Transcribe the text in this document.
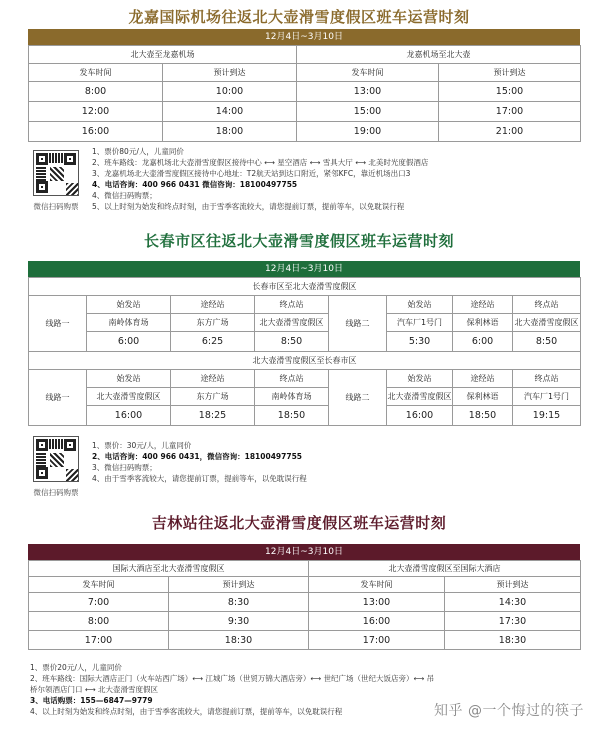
龙嘉国际机场往返北大壶滑雪度假区班车运营时刻
12月4日~3月10日
北大壶至龙嘉机场		龙嘉机场至北大壶	
发车时间	预计到达	发车时间	预计到达
8:00	10:00	13:00	15:00
12:00	14:00	15:00	17:00
16:00	18:00	19:00	21:00
微信扫码购票
1、票价80元/人，儿童同价
2、班车路线：龙嘉机场北大壶滑雪度假区接待中心 ⟷ 星空酒店 ⟷ 雪具大厅 ⟷ 北美时光度假酒店
3、龙嘉机场北大壶滑雪度假区接待中心地址：T2航天站到达口附近，紧邻KFC，靠近机场出口3
4、电话咨询：400 966 0431 微信咨询：18100497755
4、微信扫码购票；
5、以上时刻为始发和终点时刻，由于雪季客流较大，请您提前订票，提前等车，以免耽误行程
长春市区往返北大壶滑雪度假区班车运营时刻
12月4日~3月10日
长春市区至北大壶滑雪度假区							
线路一	始发站	途经站	终点站	线路二	始发站	途经站	终点站
	南岭体育场	东方广场	北大壶滑雪度假区		汽车厂1号门	保利林语	北大壶滑雪度假区
	6:00	6:25	8:50		5:30	6:00	8:50
北大壶滑雪度假区至长春市区							
线路一	始发站	途经站	终点站	线路二	始发站	途经站	终点站
	北大壶滑雪度假区	东方广场	南岭体育场		北大壶滑雪度假区	保利林语	汽车厂1号门
	16:00	18:25	18:50		16:00	18:50	19:15
微信扫码购票
1、票价：30元/人，儿童同价
2、电话咨询：400 966 0431，微信咨询：18100497755
3、微信扫码购票；
4、由于雪季客流较大，请您提前订票，提前等车，以免耽误行程
吉林站往返北大壶滑雪度假区班车运营时刻
12月4日~3月10日
国际大酒店至北大壶滑雪度假区		北大壶滑雪度假区至国际大酒店	
发车时间	预计到达	发车时间	预计到达
7:00	8:30	13:00	14:30
8:00	9:30	16:00	17:30
17:00	18:30	17:00	18:30
1、票价20元/人，儿童同价
2、班车路线：国际大酒店正门（火车站西广场）⟷ 江城广场（世贸万锦大酒店旁）⟷ 世纪广场（世纪大饭店旁）⟷ 吊
桥尔领酒店门口 ⟷ 北大壶滑雪度假区
3、电话购票：155—6847—9779
4、以上时刻为始发和终点时刻，由于雪季客流较大，请您提前订票，提前等车，以免耽误行程	知乎 @一个悔过的筷子
